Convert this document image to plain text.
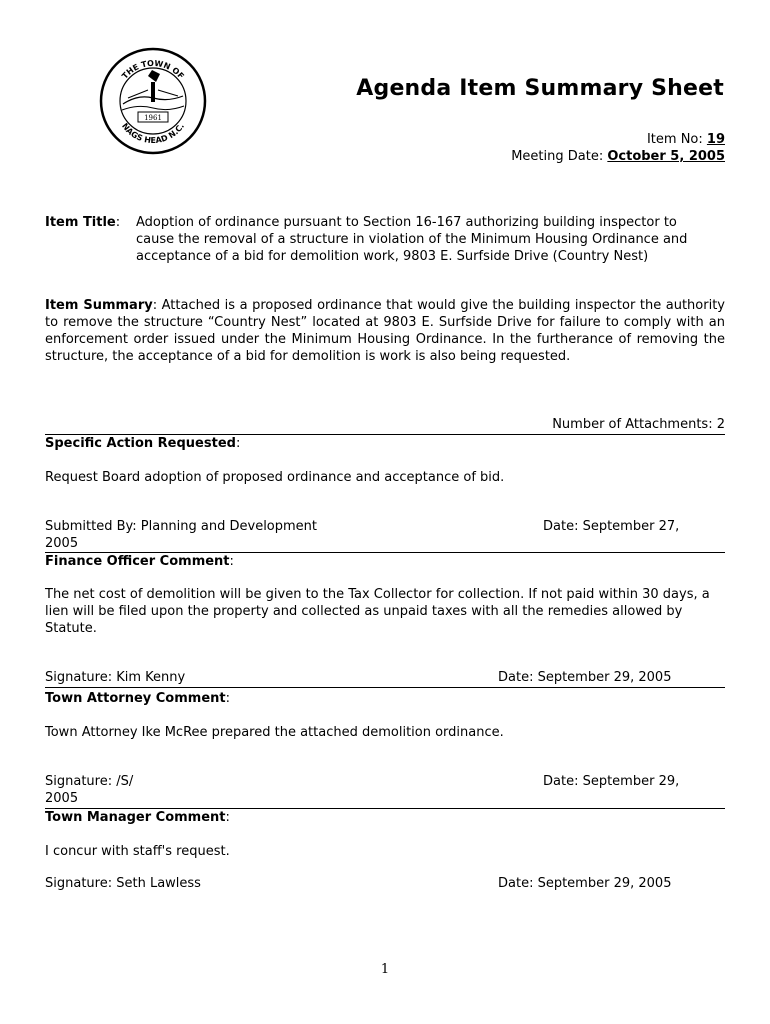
THE TOWN OF
NAGS HEAD N.C.
1961
Agenda Item Summary Sheet
Item No: 19
Meeting Date: October 5, 2005
Item Title: Adoption of ordinance pursuant to Section 16-167 authorizing building inspector to
cause the removal of a structure in violation of the Minimum Housing Ordinance and
acceptance of a bid for demolition work, 9803 E. Surfside Drive (Country Nest)
Item Summary: Attached is a proposed ordinance that would give the building inspector the authority to remove the structure “Country Nest” located at 9803 E. Surfside Drive for failure to comply with an enforcement order issued under the Minimum Housing Ordinance. In the furtherance of removing the structure, the acceptance of a bid for demolition is work is also being requested.
Number of Attachments: 2
Specific Action Requested:
Request Board adoption of proposed ordinance and acceptance of bid.
Submitted By: Planning and Development	Date: September 27,
2005
Finance Officer Comment:
The net cost of demolition will be given to the Tax Collector for collection. If not paid within 30 days, a lien will be filed upon the property and collected as unpaid taxes with all the remedies allowed by Statute.
Signature: Kim Kenny	Date: September 29, 2005
Town Attorney Comment:
Town Attorney Ike McRee prepared the attached demolition ordinance.
Signature: /S/	Date: September 29,
2005
Town Manager Comment:
I concur with staff's request.
Signature: Seth Lawless	Date: September 29, 2005
1
